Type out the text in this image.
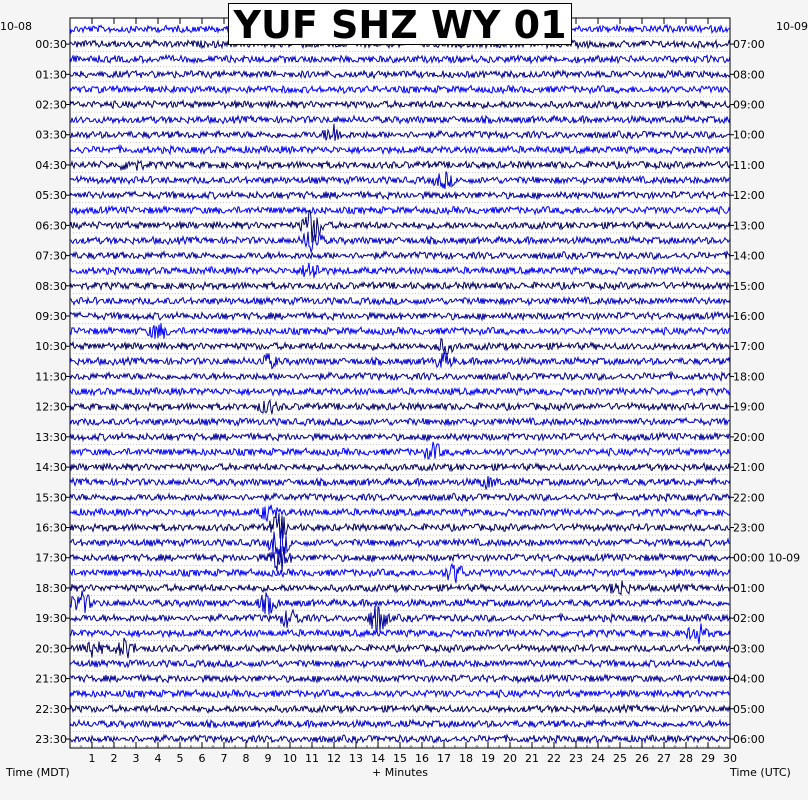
1 2 3 4 5 6 7 8 9 10 11 12 13 14 15 16 17 18 19 20 21 22 23 24 25 26 27 28 29 30
00:30
01:30
02:30
03:30
04:30
05:30
06:30
07:30
08:30
09:30
10:30
11:30
12:30
13:30
14:30
15:30
16:30
17:30
18:30
19:30
20:30
21:30
22:30
23:30
07:00
08:00
09:00
10:00
11:00
12:00
13:00
14:00
15:00
16:00
17:00
18:00
19:00
20:00
21:00
22:00
23:00
00:00 10-09
01:00
02:00
03:00
04:00
05:00
06:00
YUF SHZ WY 01
10-08	10-09
+ Minutes
Time (MDT)	Time (UTC)
